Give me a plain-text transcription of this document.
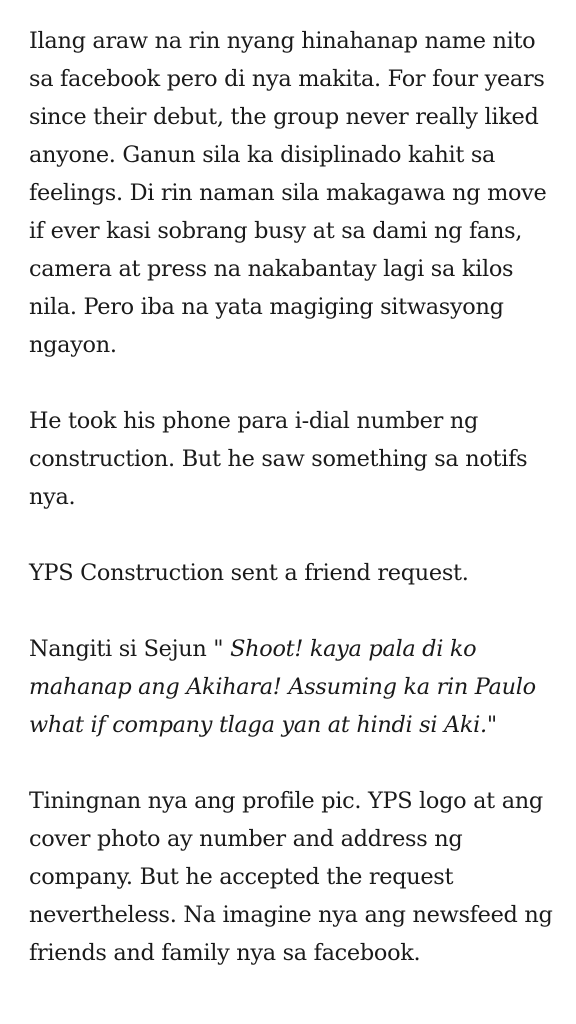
Ilang araw na rin nyang hinahanap name nito sa facebook pero di nya makita. For four years since their debut, the group never really liked anyone. Ganun sila ka disiplinado kahit sa feelings. Di rin naman sila makagawa ng move if ever kasi sobrang busy at sa dami ng fans, camera at press na nakabantay lagi sa kilos nila. Pero iba na yata magiging sitwasyong ngayon.

He took his phone para i-dial number ng construction. But he saw something sa notifs nya.

YPS Construction sent a friend request.

Nangiti si Sejun " Shoot! kaya pala di ko mahanap ang Akihara! Assuming ka rin Paulo what if company tlaga yan at hindi si Aki."

Tiningnan nya ang profile pic. YPS logo at ang cover photo ay number and address ng company. But he accepted the request nevertheless. Na imagine nya ang newsfeed ng friends and family nya sa facebook.
